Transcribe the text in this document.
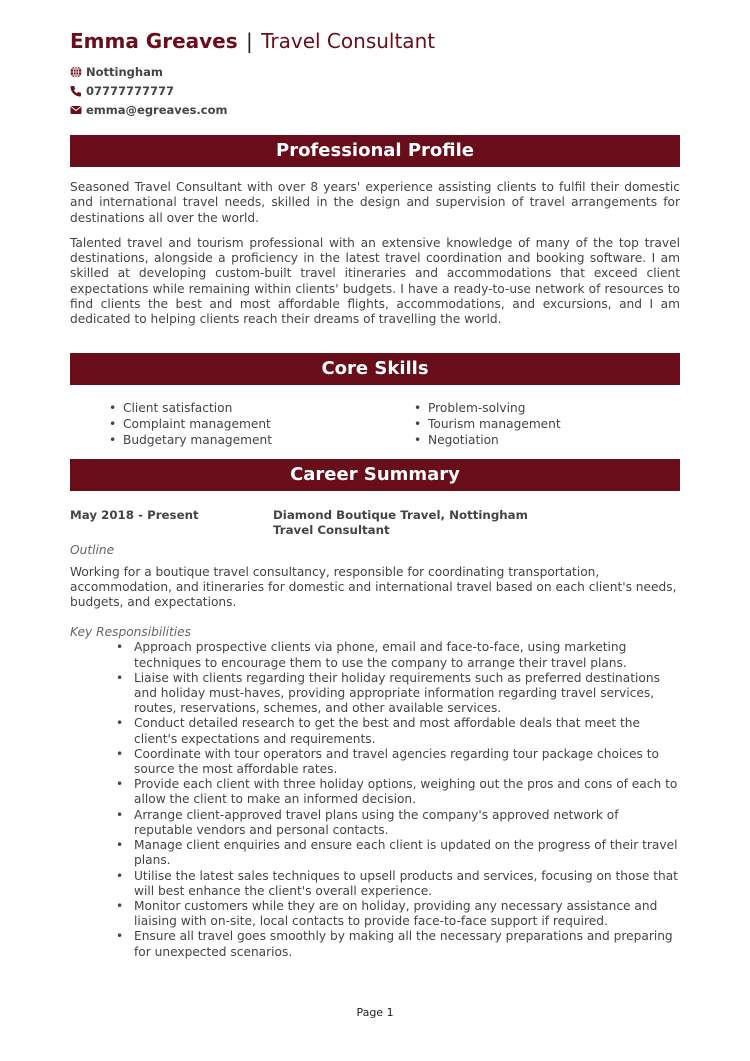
Emma Greaves | Travel Consultant
Nottingham
07777777777
emma@egreaves.com
Professional Profile

Seasoned Travel Consultant with over 8 years' experience assisting clients to fulfil their domestic and international travel needs, skilled in the design and supervision of travel arrangements for destinations all over the world.

Talented travel and tourism professional with an extensive knowledge of many of the top travel destinations, alongside a proficiency in the latest travel coordination and booking software. I am skilled at developing custom-built travel itineraries and accommodations that exceed client expectations while remaining within clients' budgets. I have a ready-to-use network of resources to find clients the best and most affordable flights, accommodations, and excursions, and I am dedicated to helping clients reach their dreams of travelling the world.

Core Skills
• Client satisfaction
• Complaint management
• Budgetary management
• Problem-solving
• Tourism management
• Negotiation
Career Summary
May 2018 - Present	Diamond Boutique Travel, Nottingham
Travel Consultant
Outline

Working for a boutique travel consultancy, responsible for coordinating transportation, accommodation, and itineraries for domestic and international travel based on each client's needs, budgets, and expectations.

Key Responsibilities
• Approach prospective clients via phone, email and face-to-face, using marketing techniques to encourage them to use the company to arrange their travel plans.
• Liaise with clients regarding their holiday requirements such as preferred destinations and holiday must-haves, providing appropriate information regarding travel services, routes, reservations, schemes, and other available services.
• Conduct detailed research to get the best and most affordable deals that meet the client's expectations and requirements.
• Coordinate with tour operators and travel agencies regarding tour package choices to source the most affordable rates.
• Provide each client with three holiday options, weighing out the pros and cons of each to allow the client to make an informed decision.
• Arrange client-approved travel plans using the company's approved network of reputable vendors and personal contacts.
• Manage client enquiries and ensure each client is updated on the progress of their travel plans.
• Utilise the latest sales techniques to upsell products and services, focusing on those that will best enhance the client's overall experience.
• Monitor customers while they are on holiday, providing any necessary assistance and liaising with on-site, local contacts to provide face-to-face support if required.
• Ensure all travel goes smoothly by making all the necessary preparations and preparing for unexpected scenarios.
Page 1
